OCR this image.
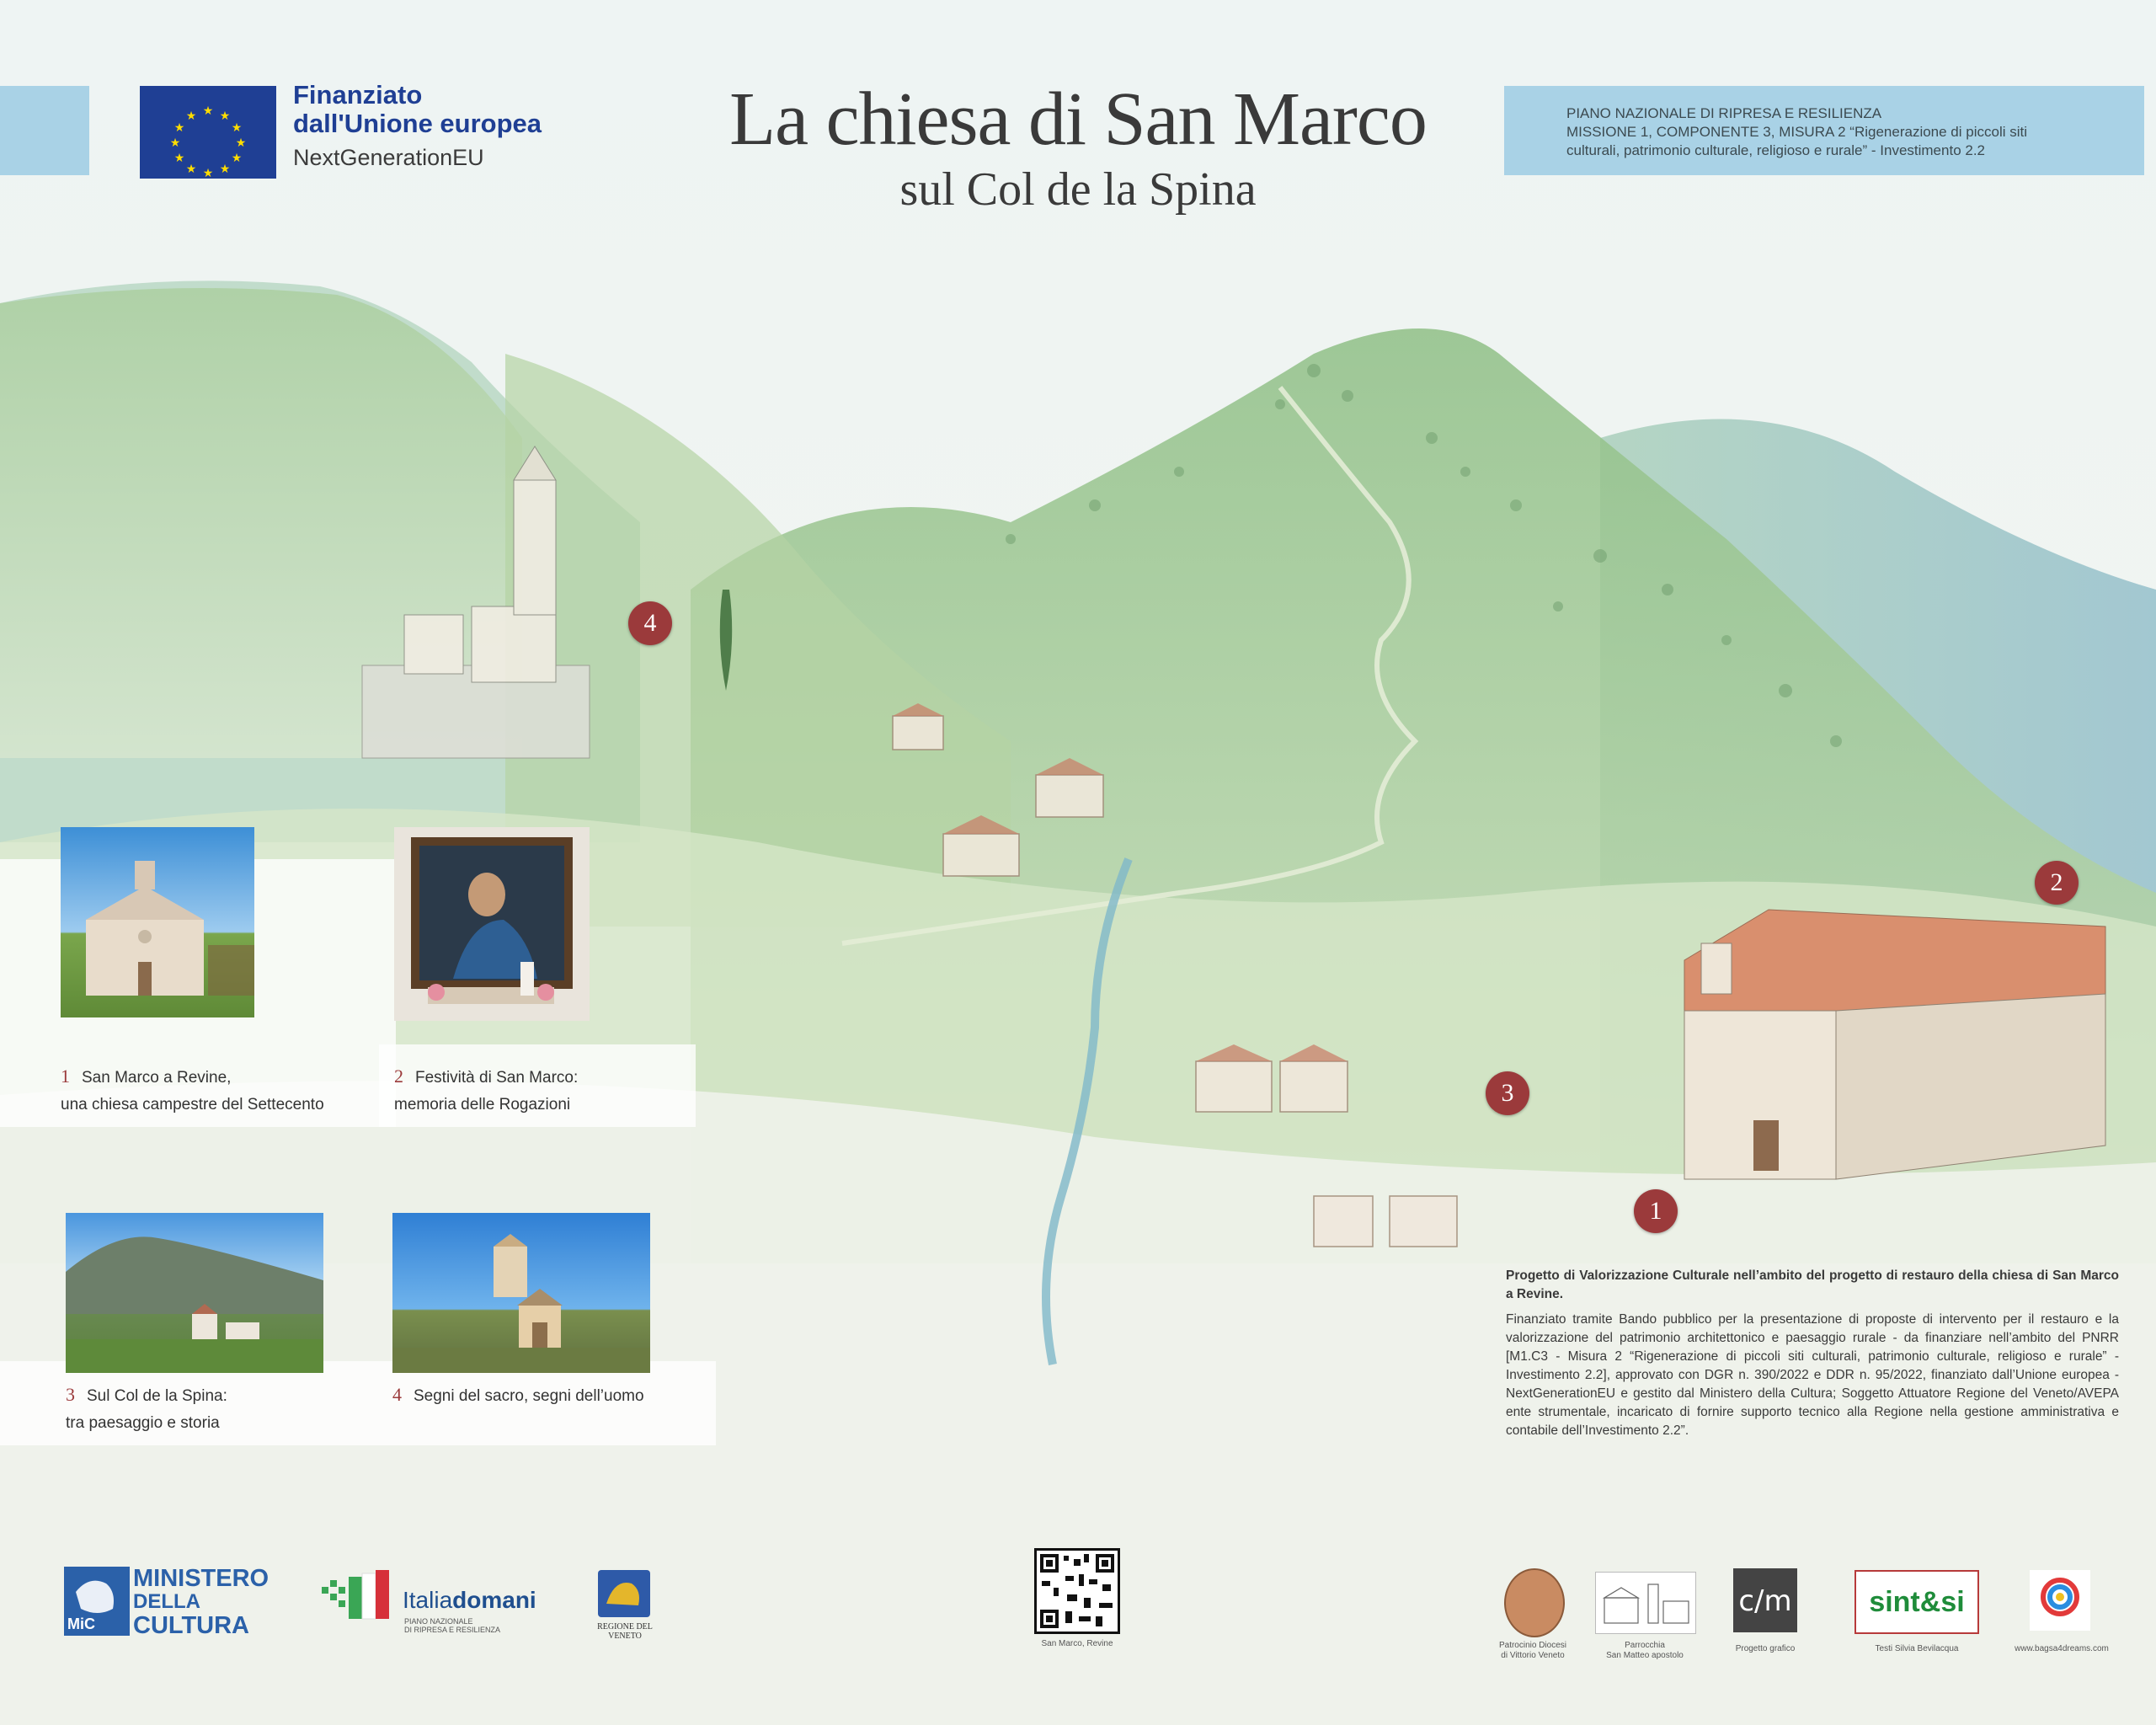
★ ★
★
★
★
★
★
★
★
★
★
★
Finanziato
dall'Unione europea
NextGenerationEU	La chiesa di San Marco
sul Col de la Spina
PIANO NAZIONALE DI RIPRESA E RESILIENZA
MISSIONE 1, COMPONENTE 3, MISURA 2 “Rigenerazione di piccoli siti
culturali, patrimonio culturale, religioso e rurale” - Investimento 2.2
4
2
3
1
1 San Marco a Revine,
una chiesa campestre del Settecento
2 Festività di San Marco:
memoria delle Rogazioni
3 Sul Col de la Spina:
tra paesaggio e storia
4 Segni del sacro, segni dell’uomo
Progetto di Valorizzazione Culturale nell’ambito del progetto di restauro della chiesa di San Marco a Revine.
Finanziato tramite Bando pubblico per la presentazione di proposte di intervento per il restauro e la valorizzazione del patrimonio architettonico e paesaggio rurale - da finanziare nell’ambito del PNRR [M1.C3 - Misura 2 “Rigenerazione di piccoli siti culturali, patrimonio culturale, religioso e rurale” - Investimento 2.2], approvato con DGR n. 390/2022 e DDR n. 95/2022, finanziato dall’Unione europea - NextGenerationEU e gestito dal Ministero della Cultura; Soggetto Attuatore Regione del Veneto/AVEPA ente strumentale, incaricato di fornire supporto tecnico alla Regione nella gestione amministrativa e contabile dell’Investimento 2.2”.
MiC
MINISTERO
DELLA
CULTURA
Italiadomani
PIANO NAZIONALE
DI RIPRESA E RESILIENZA	REGIONE DEL VENETO
San Marco, Revine	Patrocinio Diocesi
di Vittorio Veneto
Parrocchia
San Matteo apostolo
c/m
Progetto grafico
sint&si
Testi Silvia Bevilacqua	www.bagsa4dreams.com
